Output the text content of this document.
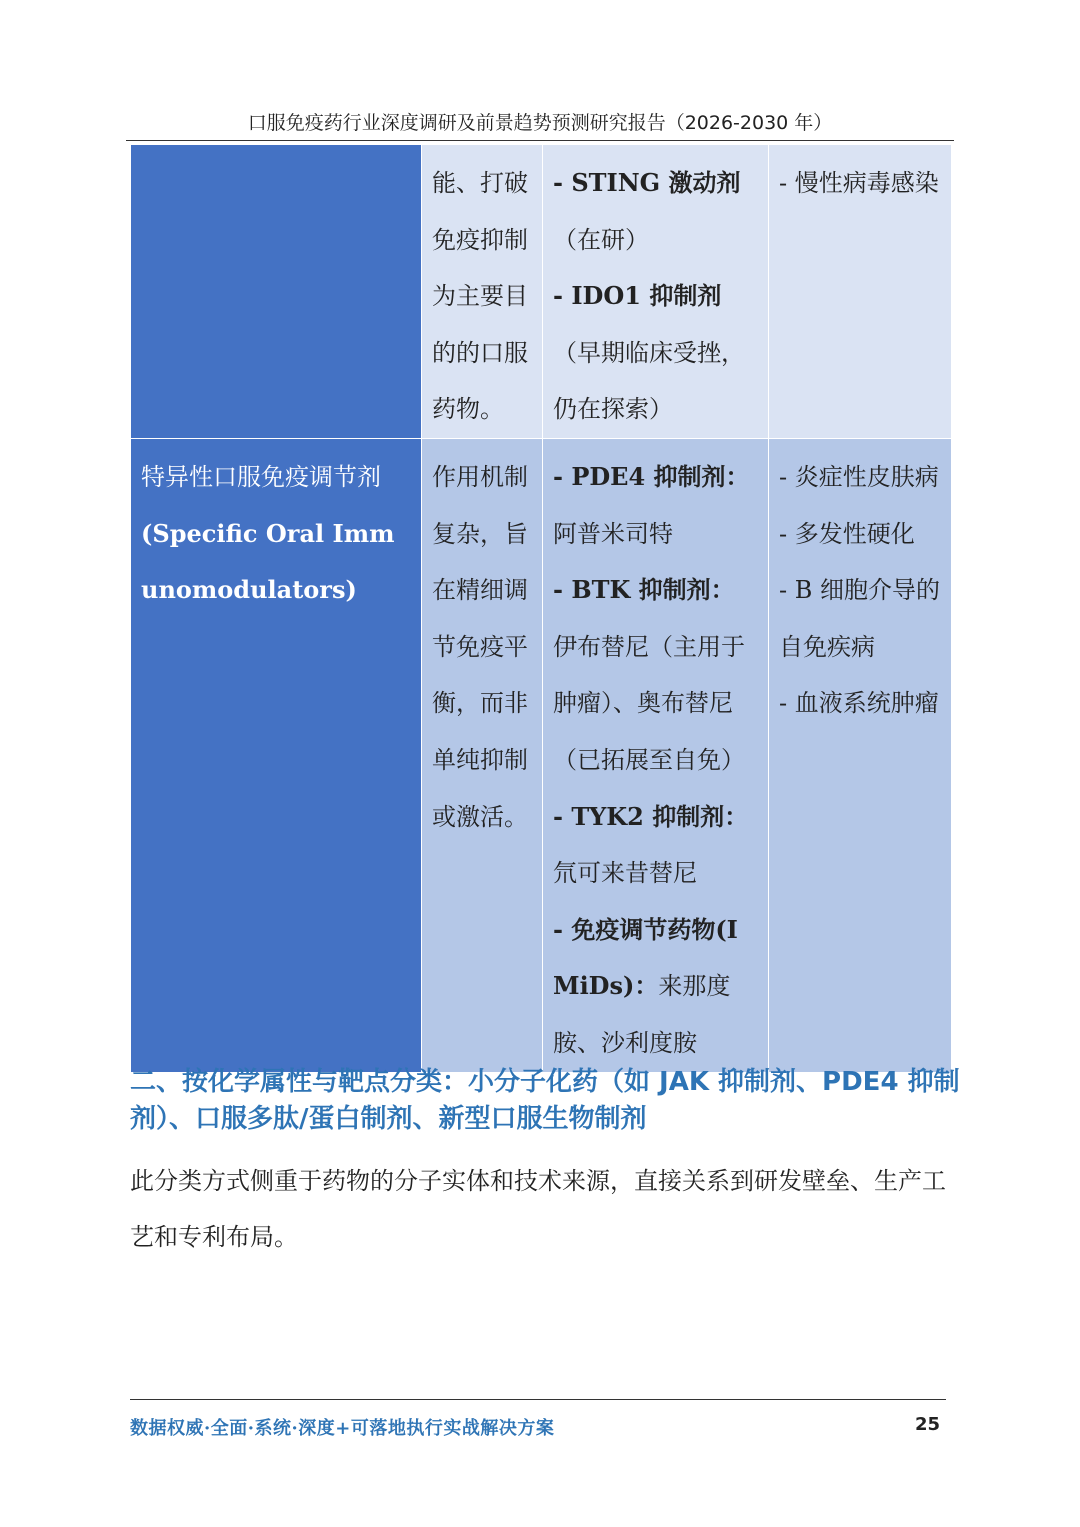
口服免疫药行业深度调研及前景趋势预测研究报告（2026-2030 年）
	能、打破免疫抑制为主要目的的口服药物。	- STING 激动剂
（在研）
- IDO1 抑制剂
（早期临床受挫，仍在探索）	- 慢性病毒感染

特异性口服免疫调节剂
(Specific Oral Immunomodulators)	作用机制复杂，旨在精细调节免疫平衡，而非单纯抑制或激活。	- PDE4 抑制剂：阿普米司特
- BTK 抑制剂：伊布替尼（主用于肿瘤）、奥布替尼（已拓展至自免）
- TYK2 抑制剂：氘可来昔替尼
- 免疫调节药物(IMiDs)：来那度胺、沙利度胺	- 炎症性皮肤病
- 多发性硬化
- B 细胞介导的自免疾病
- 血液系统肿瘤
二、按化学属性与靶点分类：小分子化药（如 JAK 抑制剂、PDE4 抑制剂）、口服多肽/蛋白制剂、新型口服生物制剂
此分类方式侧重于药物的分子实体和技术来源，直接关系到研发壁垒、生产工艺和专利布局。
数据权威·全面·系统·深度+可落地执行实战解决方案	25
